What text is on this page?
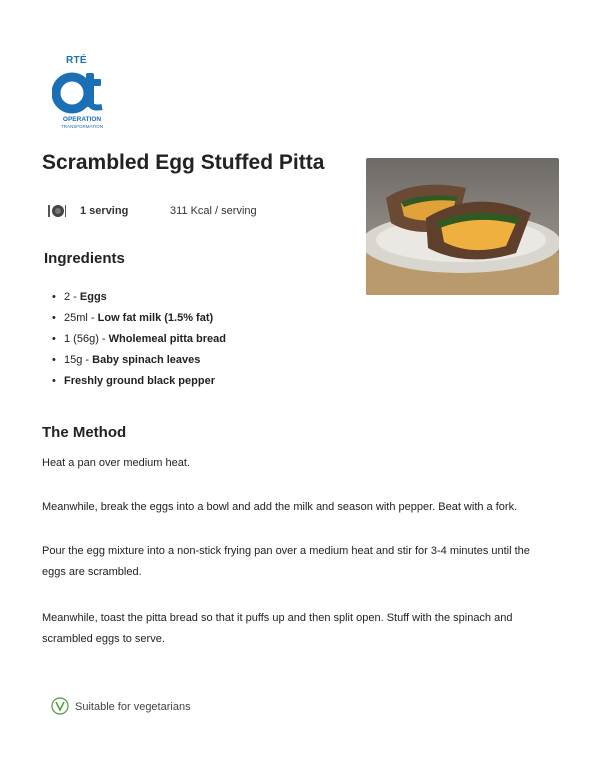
RTÉ
OPERATION
TRANSFORMATION
Scrambled Egg Stuffed Pitta
1 serving	311 Kcal / serving
Ingredients
• 2 - Eggs
• 25ml - Low fat milk (1.5% fat)
• 1 (56g) - Wholemeal pitta bread
• 15g - Baby spinach leaves
• Freshly ground black pepper
The Method
Heat a pan over medium heat.
Meanwhile, break the eggs into a bowl and add the milk and season with pepper. Beat with a fork.
Pour the egg mixture into a non-stick frying pan over a medium heat and stir for 3-4 minutes until the
eggs are scrambled.
Meanwhile, toast the pitta bread so that it puffs up and then split open. Stuff with the spinach and
scrambled eggs to serve.
Suitable for vegetarians
